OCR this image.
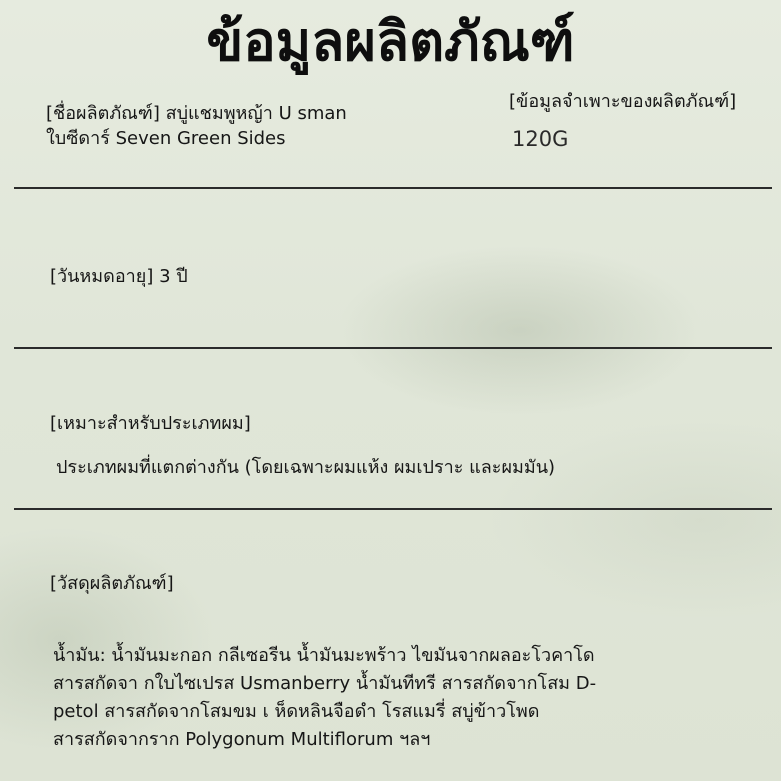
ข้อมูลผลิตภัณฑ์
[ชื่อผลิตภัณฑ์] สบู่แชมพูหญ้า U sman
ใบซีดาร์ Seven Green Sides
[ข้อมูลจำเพาะของผลิตภัณฑ์]
120G
[วันหมดอายุ] 3 ปี
[เหมาะสำหรับประเภทผม]
ประเภทผมที่แตกต่างกัน (โดยเฉพาะผมแห้ง ผมเปราะ และผมมัน)
[วัสดุผลิตภัณฑ์]
น้ำมัน: น้ำมันมะกอก กลีเซอรีน น้ำมันมะพร้าว ไขมันจากผลอะโวคาโด
สารสกัดจา กใบไซเปรส Usmanberry น้ำมันทีทรี สารสกัดจากโสม D-
petol สารสกัดจากโสมขม เ ห็ดหลินจือดำ โรสแมรี่ สบู่ข้าวโพด
สารสกัดจากราก Polygonum Multiflorum ฯลฯ
